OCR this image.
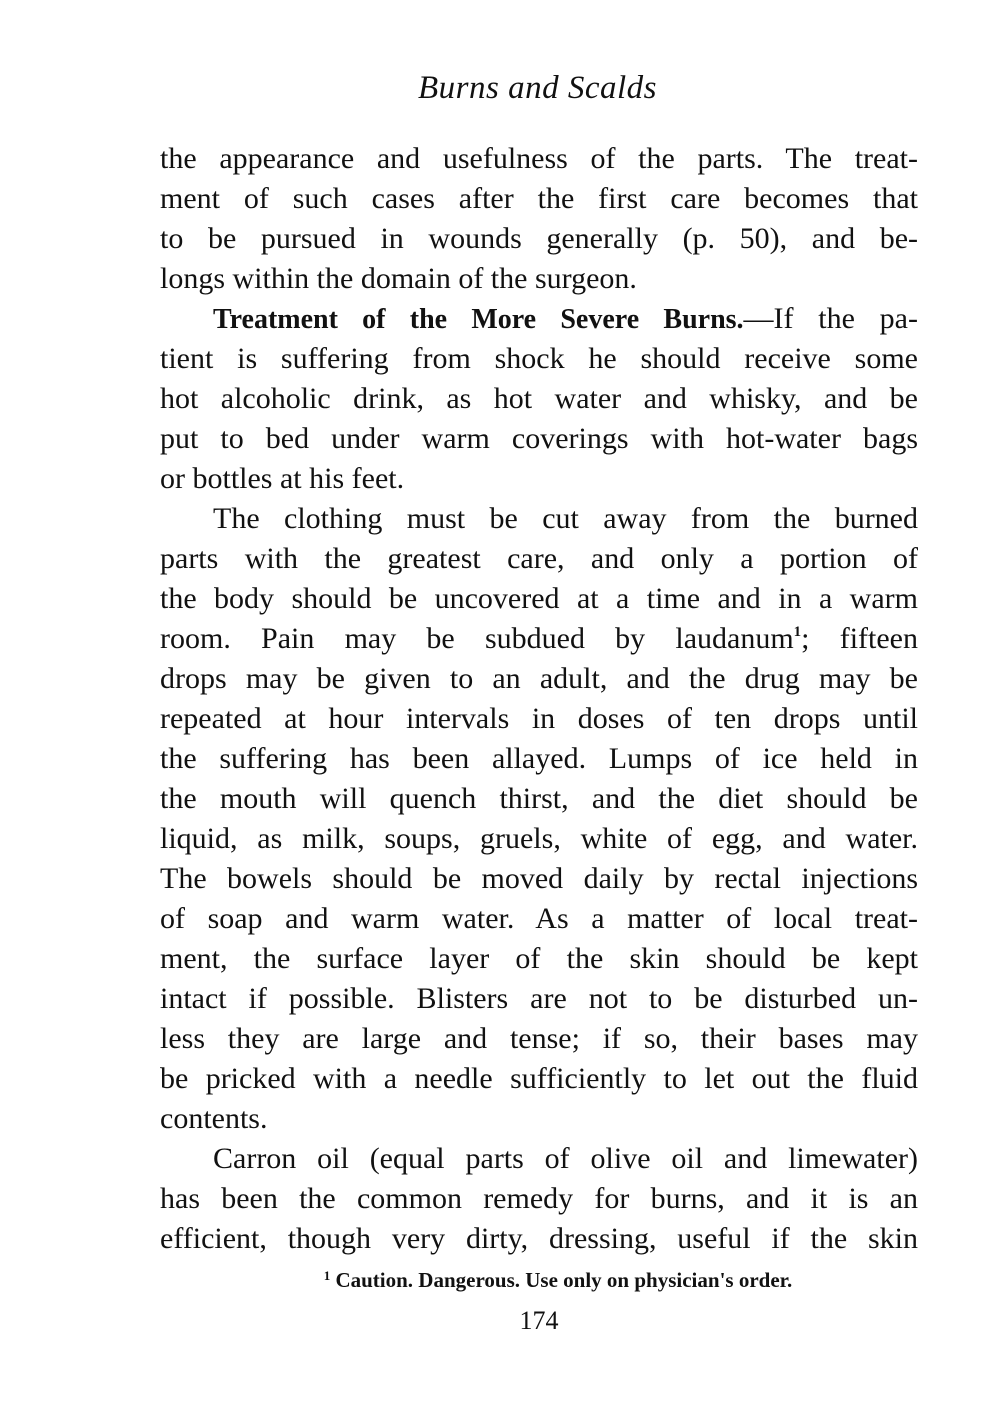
Burns and Scalds
the appearance and usefulness of the parts. The treat-
ment of such cases after the first care becomes that
to be pursued in wounds generally (p. 50), and be-
longs within the domain of the surgeon.
Treatment of the More Severe Burns.—If the pa-
tient is suffering from shock he should receive some
hot alcoholic drink, as hot water and whisky, and be
put to bed under warm coverings with hot-water bags
or bottles at his feet.
The clothing must be cut away from the burned
parts with the greatest care, and only a portion of
the body should be uncovered at a time and in a warm
room. Pain may be subdued by laudanum$^1$; fifteen
drops may be given to an adult, and the drug may be
repeated at hour intervals in doses of ten drops until
the suffering has been allayed. Lumps of ice held in
the mouth will quench thirst, and the diet should be
liquid, as milk, soups, gruels, white of egg, and water.
The bowels should be moved daily by rectal injections
of soap and warm water. As a matter of local treat-
ment, the surface layer of the skin should be kept
intact if possible. Blisters are not to be disturbed un-
less they are large and tense; if so, their bases may
be pricked with a needle sufficiently to let out the fluid
contents.
Carron oil (equal parts of olive oil and limewater)
has been the common remedy for burns, and it is an
efficient, though very dirty, dressing, useful if the skin
$^1$ Caution. Dangerous. Use only on physician's order.
174
